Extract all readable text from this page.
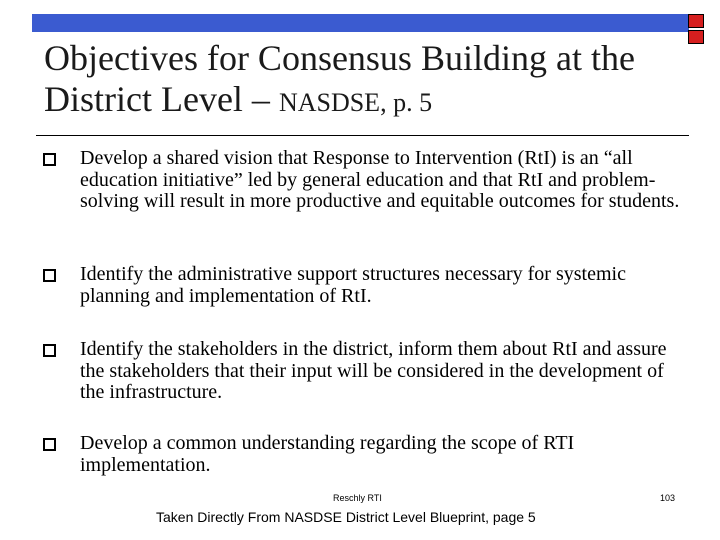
Objectives for Consensus Building at the District Level – NASDSE, p. 5
Develop a shared vision that Response to Intervention (RtI) is an “all education initiative” led by general education and that RtI and problem-solving will result in more productive and equitable outcomes for students.
Identify the administrative support structures necessary for systemic planning and implementation of RtI.
Identify the stakeholders in the district, inform them about RtI and assure the stakeholders that their input will be considered in the development of the infrastructure.
Develop a common understanding regarding the scope of RTI implementation.
Reschly RTI	103
Taken Directly From NASDSE District Level Blueprint, page 5
